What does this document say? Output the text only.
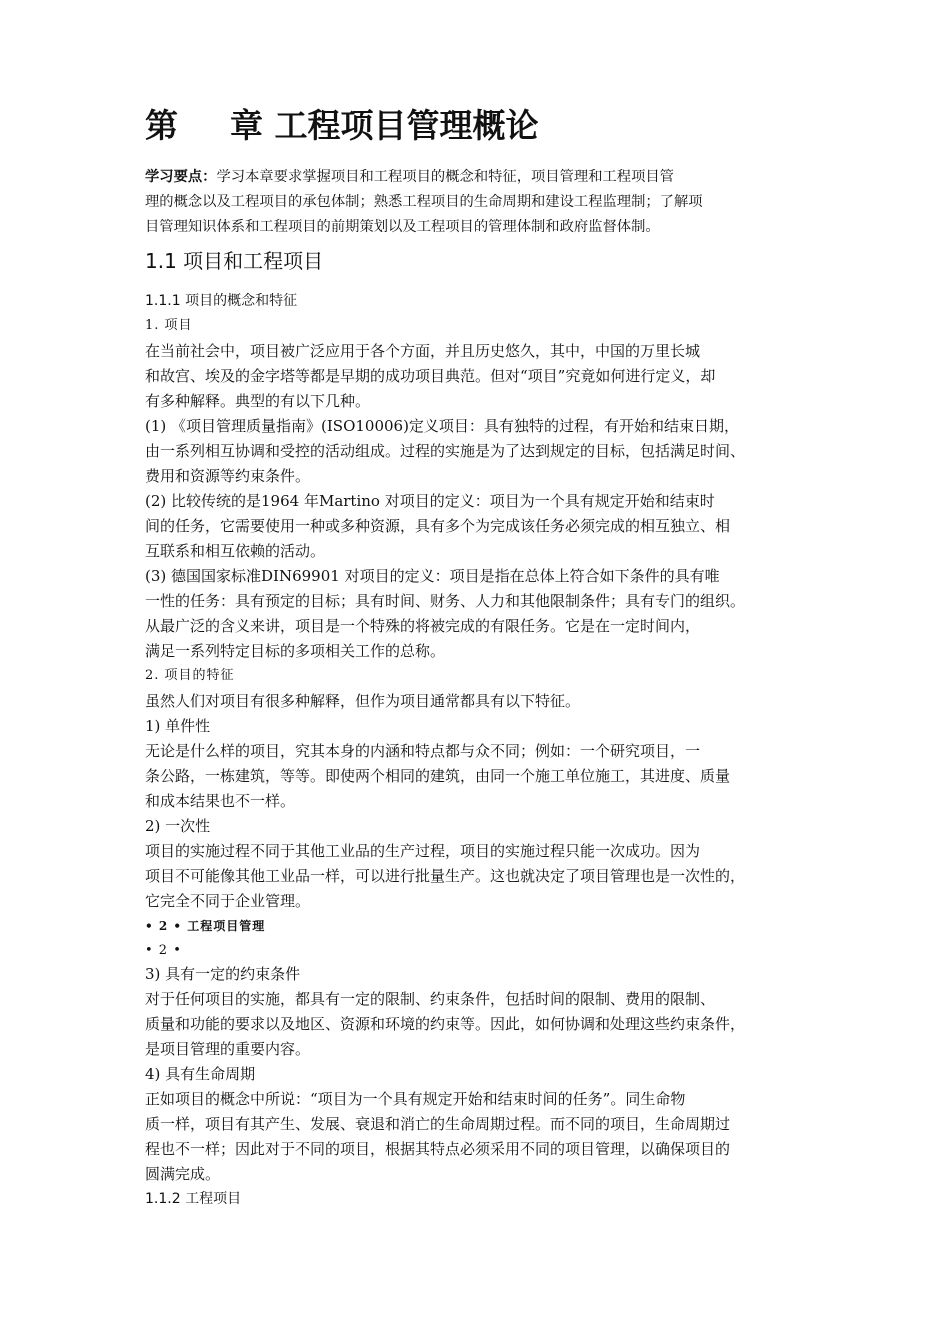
第 章 工程项目管理概论
学习要点：学习本章要求掌握项目和工程项目的概念和特征，项目管理和工程项目管
理的概念以及工程项目的承包体制；熟悉工程项目的生命周期和建设工程监理制；了解项
目管理知识体系和工程项目的前期策划以及工程项目的管理体制和政府监督体制。
1.1 项目和工程项目
1.1.1 项目的概念和特征
1. 项目
在当前社会中，项目被广泛应用于各个方面，并且历史悠久，其中，中国的万里长城
和故宫、埃及的金字塔等都是早期的成功项目典范。但对“项目”究竟如何进行定义，却
有多种解释。典型的有以下几种。
(1) 《项目管理质量指南》(ISO10006)定义项目：具有独特的过程，有开始和结束日期，
由一系列相互协调和受控的活动组成。过程的实施是为了达到规定的目标，包括满足时间、
费用和资源等约束条件。
(2) 比较传统的是1964 年Martino 对项目的定义：项目为一个具有规定开始和结束时
间的任务，它需要使用一种或多种资源，具有多个为完成该任务必须完成的相互独立、相
互联系和相互依赖的活动。
(3) 德国国家标准DIN69901 对项目的定义：项目是指在总体上符合如下条件的具有唯
一性的任务：具有预定的目标；具有时间、财务、人力和其他限制条件；具有专门的组织。
从最广泛的含义来讲，项目是一个特殊的将被完成的有限任务。它是在一定时间内，
满足一系列特定目标的多项相关工作的总称。
2. 项目的特征
虽然人们对项目有很多种解释，但作为项目通常都具有以下特征。
1) 单件性
无论是什么样的项目，究其本身的内涵和特点都与众不同；例如：一个研究项目，一
条公路，一栋建筑，等等。即使两个相同的建筑，由同一个施工单位施工，其进度、质量
和成本结果也不一样。
2) 一次性
项目的实施过程不同于其他工业品的生产过程，项目的实施过程只能一次成功。因为
项目不可能像其他工业品一样，可以进行批量生产。这也就决定了项目管理也是一次性的，
它完全不同于企业管理。
• 2 • 工程项目管理
• 2 •
3) 具有一定的约束条件
对于任何项目的实施，都具有一定的限制、约束条件，包括时间的限制、费用的限制、
质量和功能的要求以及地区、资源和环境的约束等。因此，如何协调和处理这些约束条件，
是项目管理的重要内容。
4) 具有生命周期
正如项目的概念中所说：“项目为一个具有规定开始和结束时间的任务”。同生命物
质一样，项目有其产生、发展、衰退和消亡的生命周期过程。而不同的项目，生命周期过
程也不一样；因此对于不同的项目，根据其特点必须采用不同的项目管理，以确保项目的
圆满完成。
1.1.2 工程项目
